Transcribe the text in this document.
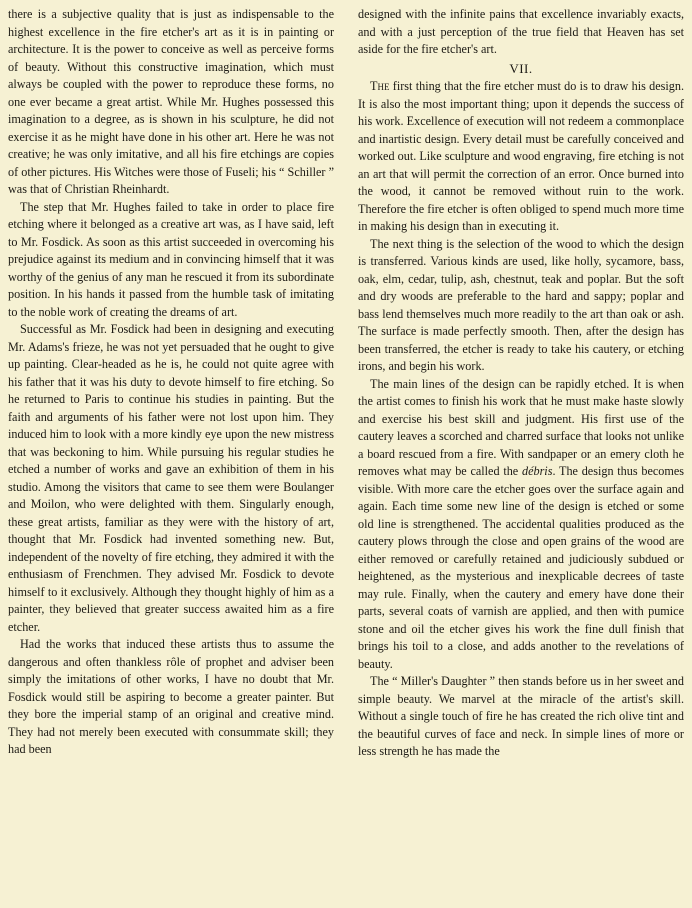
there is a subjective quality that is just as indispensable to the highest excellence in the fire etcher's art as it is in painting or architecture. It is the power to conceive as well as perceive forms of beauty. Without this constructive imagination, which must always be coupled with the power to reproduce these forms, no one ever became a great artist. While Mr. Hughes possessed this imagination to a degree, as is shown in his sculpture, he did not exercise it as he might have done in his other art. Here he was not creative; he was only imitative, and all his fire etchings are copies of other pictures. His Witches were those of Fuseli; his “ Schiller ” was that of Christian Rheinhardt.

The step that Mr. Hughes failed to take in order to place fire etching where it belonged as a creative art was, as I have said, left to Mr. Fosdick. As soon as this artist succeeded in overcoming his prejudice against its medium and in convincing himself that it was worthy of the genius of any man he rescued it from its subordinate position. In his hands it passed from the humble task of imitating to the noble work of creating the dreams of art.

Successful as Mr. Fosdick had been in designing and executing Mr. Adams's frieze, he was not yet persuaded that he ought to give up painting. Clear-headed as he is, he could not quite agree with his father that it was his duty to devote himself to fire etching. So he returned to Paris to continue his studies in painting. But the faith and arguments of his father were not lost upon him. They induced him to look with a more kindly eye upon the new mistress that was beckoning to him. While pursuing his regular studies he etched a number of works and gave an exhibition of them in his studio. Among the visitors that came to see them were Boulanger and Moilon, who were delighted with them. Singularly enough, these great artists, familiar as they were with the history of art, thought that Mr. Fosdick had invented something new. But, independent of the novelty of fire etching, they admired it with the enthusiasm of Frenchmen. They advised Mr. Fosdick to devote himself to it exclusively. Although they thought highly of him as a painter, they believed that greater success awaited him as a fire etcher.

Had the works that induced these artists thus to assume the dangerous and often thankless rôle of prophet and adviser been simply the imitations of other works, I have no doubt that Mr. Fosdick would still be aspiring to become a greater painter. But they bore the imperial stamp of an original and creative mind. They had not merely been executed with consummate skill; they had been

designed with the infinite pains that excellence invariably exacts, and with a just perception of the true field that Heaven has set aside for the fire etcher's art.

VII.

The first thing that the fire etcher must do is to draw his design. It is also the most important thing; upon it depends the success of his work. Excellence of execution will not redeem a commonplace and inartistic design. Every detail must be carefully conceived and worked out. Like sculpture and wood engraving, fire etching is not an art that will permit the correction of an error. Once burned into the wood, it cannot be removed without ruin to the work. Therefore the fire etcher is often obliged to spend much more time in making his design than in executing it.

The next thing is the selection of the wood to which the design is transferred. Various kinds are used, like holly, sycamore, bass, oak, elm, cedar, tulip, ash, chestnut, teak and poplar. But the soft and dry woods are preferable to the hard and sappy; poplar and bass lend themselves much more readily to the art than oak or ash. The surface is made perfectly smooth. Then, after the design has been transferred, the etcher is ready to take his cautery, or etching irons, and begin his work.

The main lines of the design can be rapidly etched. It is when the artist comes to finish his work that he must make haste slowly and exercise his best skill and judgment. His first use of the cautery leaves a scorched and charred surface that looks not unlike a board rescued from a fire. With sandpaper or an emery cloth he removes what may be called the débris. The design thus becomes visible. With more care the etcher goes over the surface again and again. Each time some new line of the design is etched or some old line is strengthened. The accidental qualities produced as the cautery plows through the close and open grains of the wood are either removed or carefully retained and judiciously subdued or heightened, as the mysterious and inexplicable decrees of taste may rule. Finally, when the cautery and emery have done their parts, several coats of varnish are applied, and then with pumice stone and oil the etcher gives his work the fine dull finish that brings his toil to a close, and adds another to the revelations of beauty.

The “ Miller's Daughter ” then stands before us in her sweet and simple beauty. We marvel at the miracle of the artist's skill. Without a single touch of fire he has created the rich olive tint and the beautiful curves of face and neck. In simple lines of more or less strength he has made the
